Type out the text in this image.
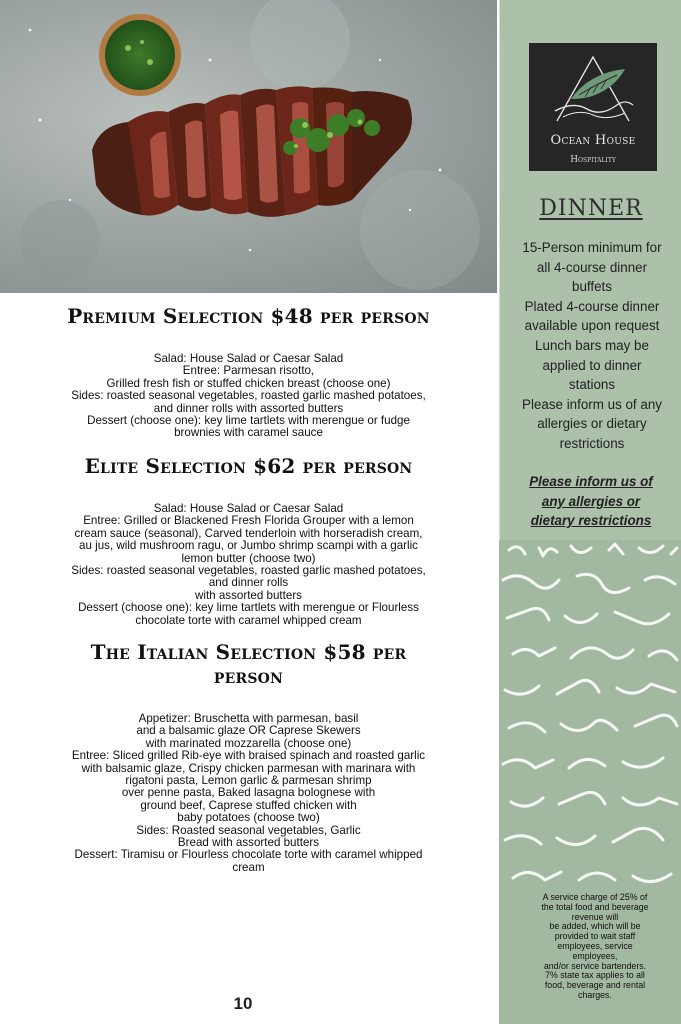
Premium Selection $48 per person
Salad: House Salad or Caesar Salad
Entree: Parmesan risotto,
Grilled fresh fish or stuffed chicken breast (choose one)
Sides: roasted seasonal vegetables, roasted garlic mashed potatoes,
and dinner rolls with assorted butters
Dessert (choose one): key lime tartlets with merengue or fudge
brownies with caramel sauce
Elite Selection $62 per person
Salad: House Salad or Caesar Salad
Entree: Grilled or Blackened Fresh Florida Grouper with a lemon
cream sauce (seasonal), Carved tenderloin with horseradish cream,
au jus, wild mushroom ragu, or Jumbo shrimp scampi with a garlic
lemon butter (choose two)
Sides: roasted seasonal vegetables, roasted garlic mashed potatoes,
and dinner rolls
with assorted butters
Dessert (choose one): key lime tartlets with merengue or Flourless
chocolate torte with caramel whipped cream
The Italian Selection $58 per
person
Appetizer: Bruschetta with parmesan, basil
and a balsamic glaze OR Caprese Skewers
with marinated mozzarella (choose one)
Entree: Sliced grilled Rib-eye with braised spinach and roasted garlic
with balsamic glaze, Crispy chicken parmesan with marinara with
rigatoni pasta, Lemon garlic & parmesan shrimp
over penne pasta, Baked lasagna bolognese with
ground beef, Caprese stuffed chicken with
baby potatoes (choose two)
Sides: Roasted seasonal vegetables, Garlic
Bread with assorted butters
Dessert: Tiramisu or Flourless chocolate torte with caramel whipped
cream
10
Ocean House
Hospitality
DINNER
15-Person minimum for
all 4-course dinner
buffets
Plated 4-course dinner
available upon request
Lunch bars may be
applied to dinner
stations
Please inform us of any
allergies or dietary
restrictions
Please inform us of
any allergies or
dietary restrictions
A service charge of 25% of
the total food and beverage
revenue will
be added, which will be
provided to wait staff
employees, service
employees,
and/or service bartenders.
7% state tax applies to all
food, beverage and rental
charges.
